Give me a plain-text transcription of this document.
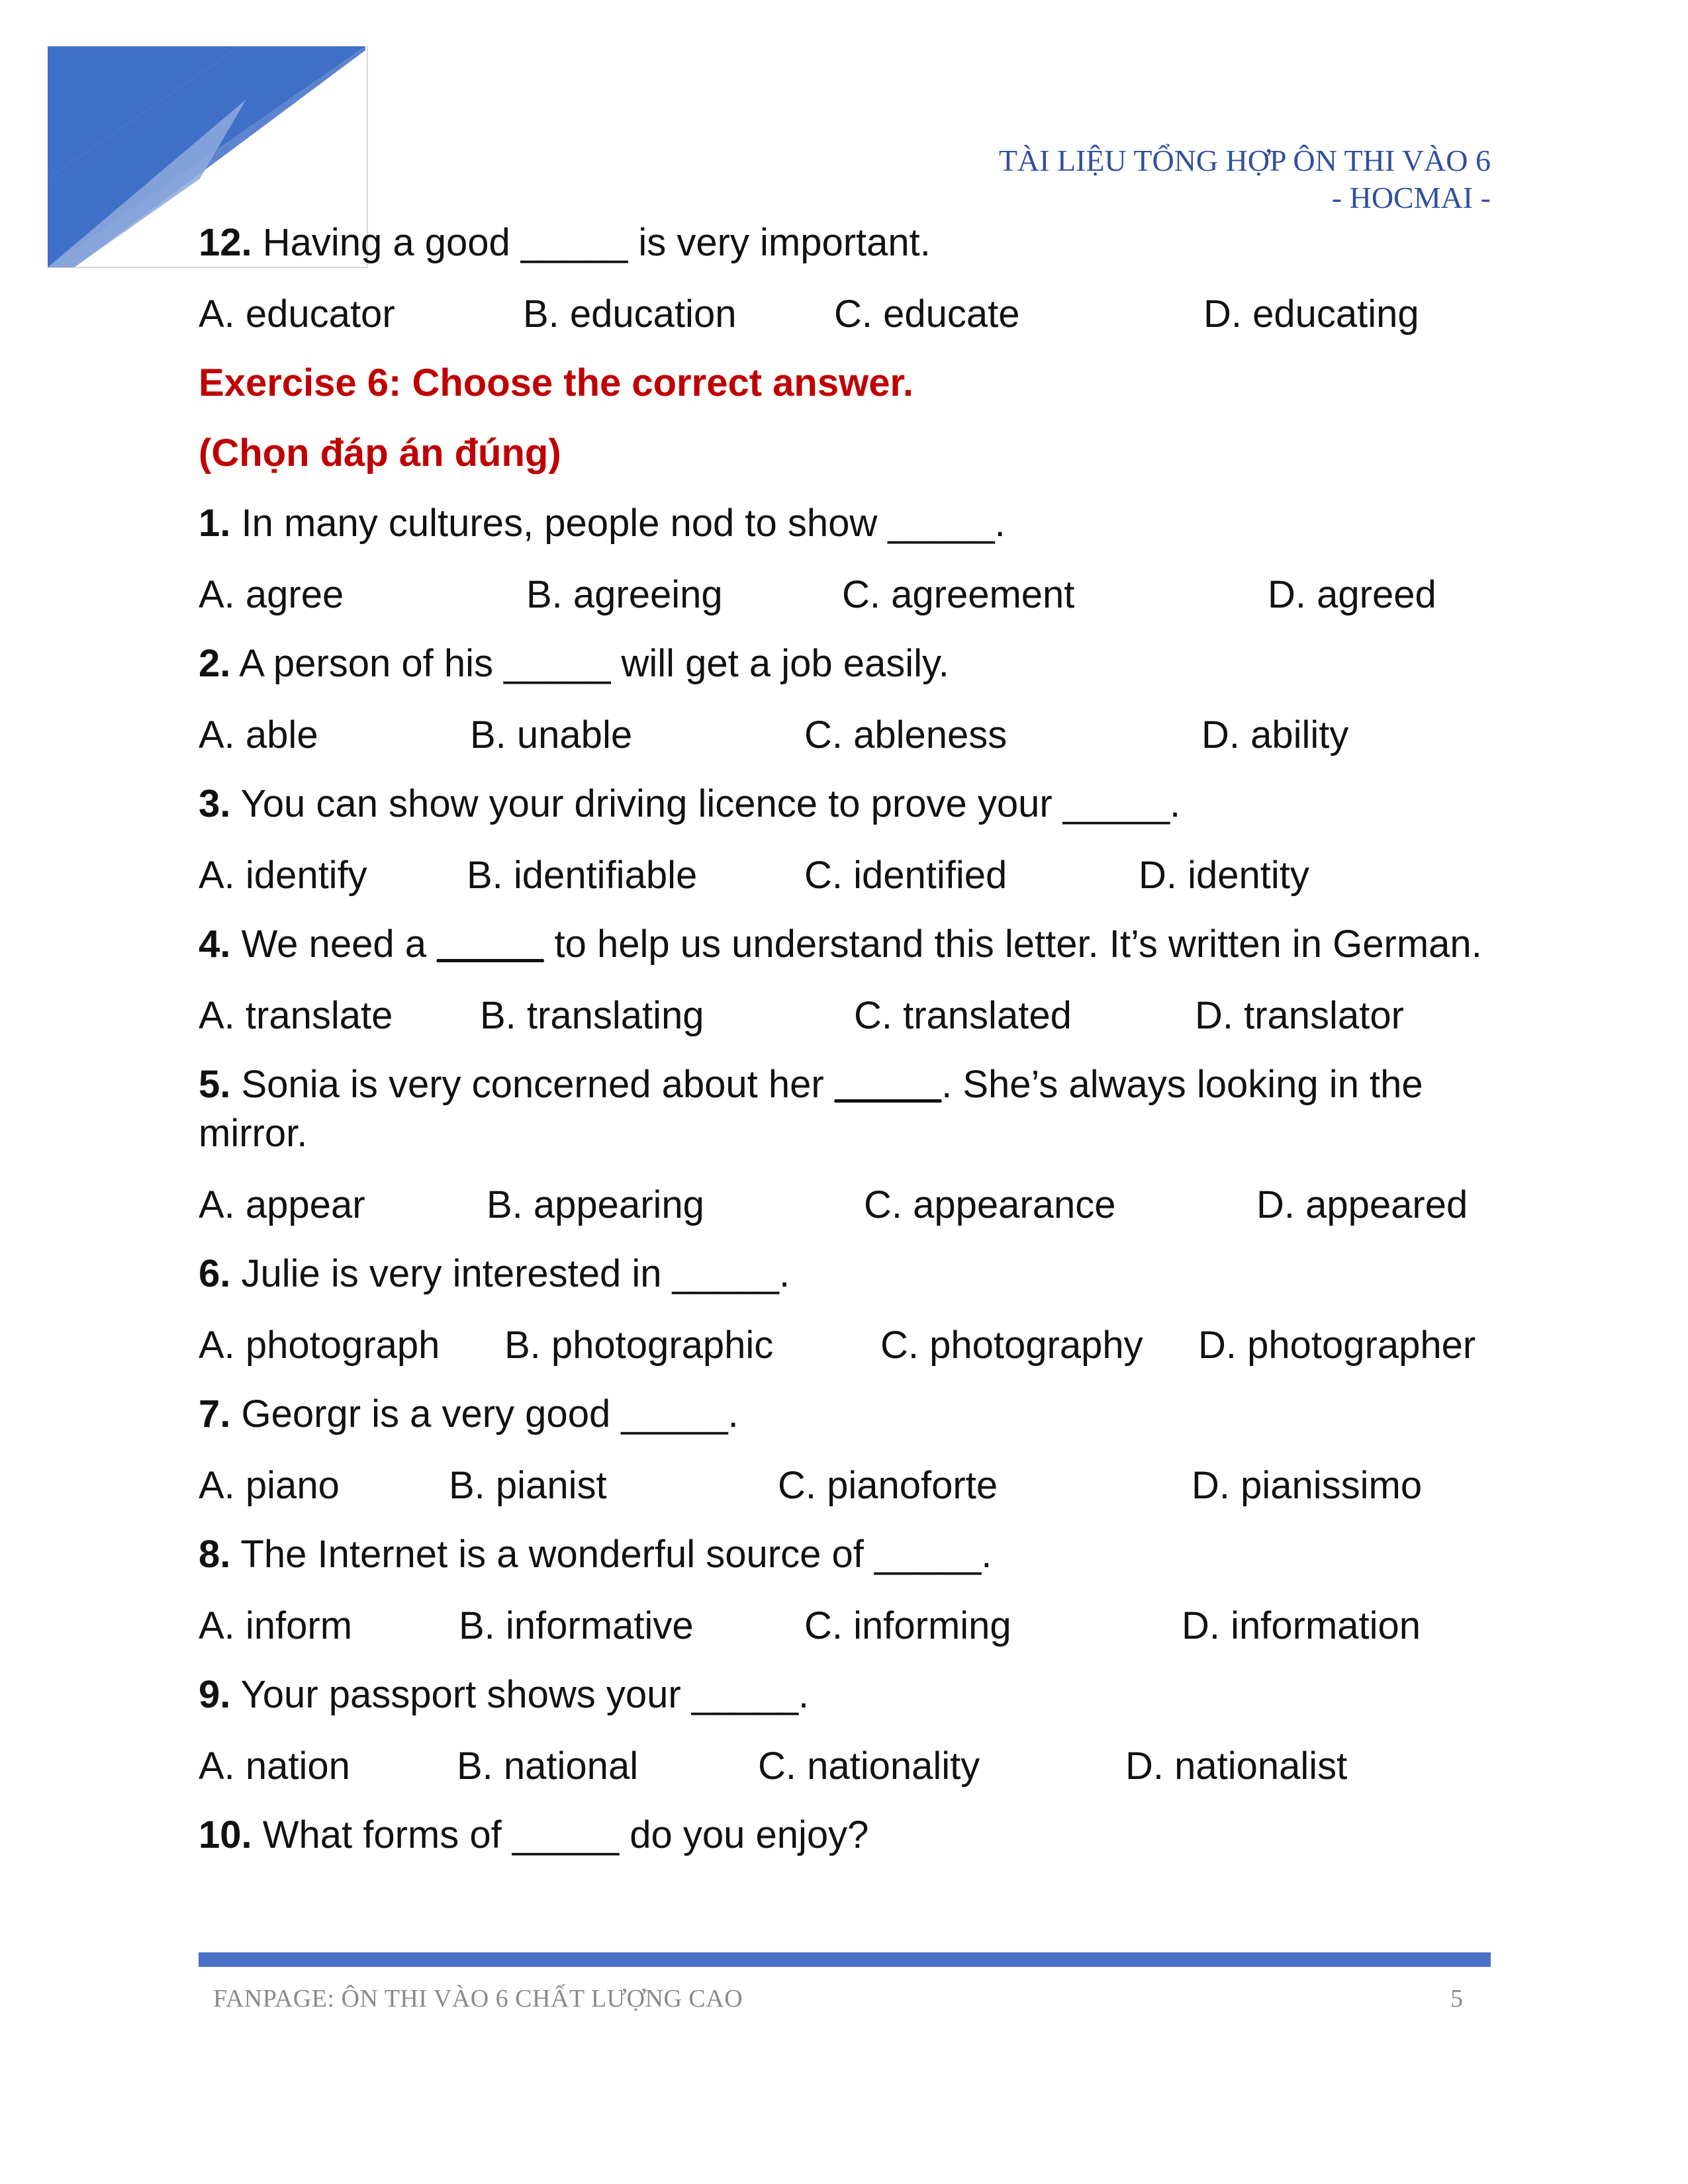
TÀI LIỆU TỔNG HỢP ÔN THI VÀO 6
- HOCMAI -

12. Having a good _____ is very important.

A. educator	B. education	C. educate	D. educating
Exercise 6: Choose the correct answer.
(Chọn đáp án đúng)

1. In many cultures, people nod to show _____.

A. agree	B. agreeing	C. agreement	D. agreed

2. A person of his _____ will get a job easily.

A. able	B. unable	C. ableness	D. ability

3. You can show your driving licence to prove your _____.

A. identify	B. identifiable	C. identified	D. identity

4. We need a _____ to help us understand this letter. It’s written in German.

A. translate B. translating	C. translated	D. translator

5. Sonia is very concerned about her _____. She’s always looking in the mirror.

A. appear	B. appearing	C. appearance	D. appeared

6. Julie is very interested in _____.

A. photograph B. photographic	C. photography D. photographer

7. Georgr is a very good _____.

A. piano	B. pianist	C. pianoforte	D. pianissimo

8. The Internet is a wonderful source of _____.

A. inform	B. informative	C. informing	D. information

9. Your passport shows your _____.

A. nation	B. national	C. nationality	D. nationalist

10. What forms of _____ do you enjoy?

FANPAGE: ÔN THI VÀO 6 CHẤT LƯỢNG CAO	5
